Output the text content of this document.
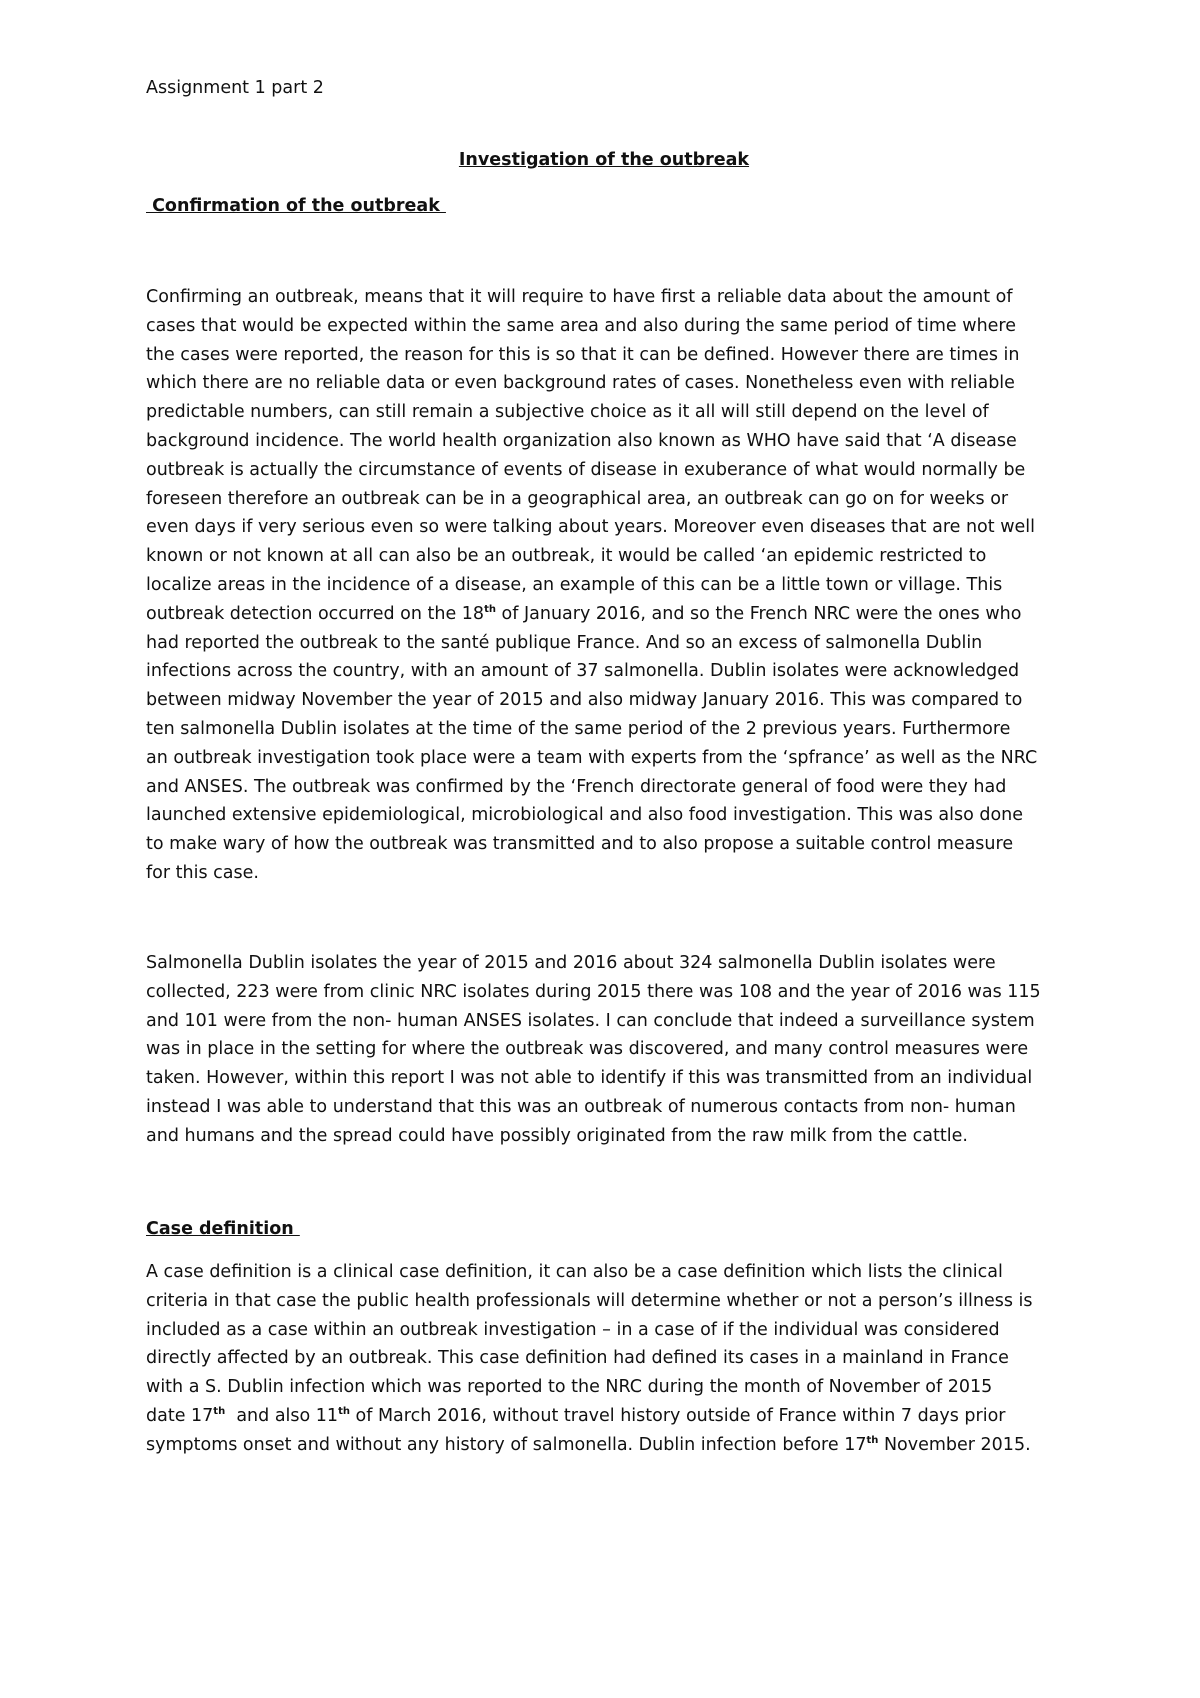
Assignment 1 part 2

Investigation of the outbreak

Confirmation of the outbreak

Confirming an outbreak, means that it will require to have first a reliable data about the amount of
cases that would be expected within the same area and also during the same period of time where
the cases were reported, the reason for this is so that it can be defined. However there are times in
which there are no reliable data or even background rates of cases. Nonetheless even with reliable
predictable numbers, can still remain a subjective choice as it all will still depend on the level of
background incidence. The world health organization also known as WHO have said that ‘A disease
outbreak is actually the circumstance of events of disease in exuberance of what would normally be
foreseen therefore an outbreak can be in a geographical area, an outbreak can go on for weeks or
even days if very serious even so were talking about years. Moreover even diseases that are not well
known or not known at all can also be an outbreak, it would be called ‘an epidemic restricted to
localize areas in the incidence of a disease, an example of this can be a little town or village. This
outbreak detection occurred on the 18th of January 2016, and so the French NRC were the ones who
had reported the outbreak to the santé publique France. And so an excess of salmonella Dublin
infections across the country, with an amount of 37 salmonella. Dublin isolates were acknowledged
between midway November the year of 2015 and also midway January 2016. This was compared to
ten salmonella Dublin isolates at the time of the same period of the 2 previous years. Furthermore
an outbreak investigation took place were a team with experts from the ‘spfrance’ as well as the NRC
and ANSES. The outbreak was confirmed by the ‘French directorate general of food were they had
launched extensive epidemiological, microbiological and also food investigation. This was also done
to make wary of how the outbreak was transmitted and to also propose a suitable control measure
for this case.
Salmonella Dublin isolates the year of 2015 and 2016 about 324 salmonella Dublin isolates were
collected, 223 were from clinic NRC isolates during 2015 there was 108 and the year of 2016 was 115
and 101 were from the non- human ANSES isolates. I can conclude that indeed a surveillance system
was in place in the setting for where the outbreak was discovered, and many control measures were
taken. However, within this report I was not able to identify if this was transmitted from an individual
instead I was able to understand that this was an outbreak of numerous contacts from non- human
and humans and the spread could have possibly originated from the raw milk from the cattle.

Case definition

A case definition is a clinical case definition, it can also be a case definition which lists the clinical
criteria in that case the public health professionals will determine whether or not a person’s illness is
included as a case within an outbreak investigation – in a case of if the individual was considered
directly affected by an outbreak. This case definition had defined its cases in a mainland in France
with a S. Dublin infection which was reported to the NRC during the month of November of 2015
date 17th  and also 11th of March 2016, without travel history outside of France within 7 days prior
symptoms onset and without any history of salmonella. Dublin infection before 17th November 2015.
